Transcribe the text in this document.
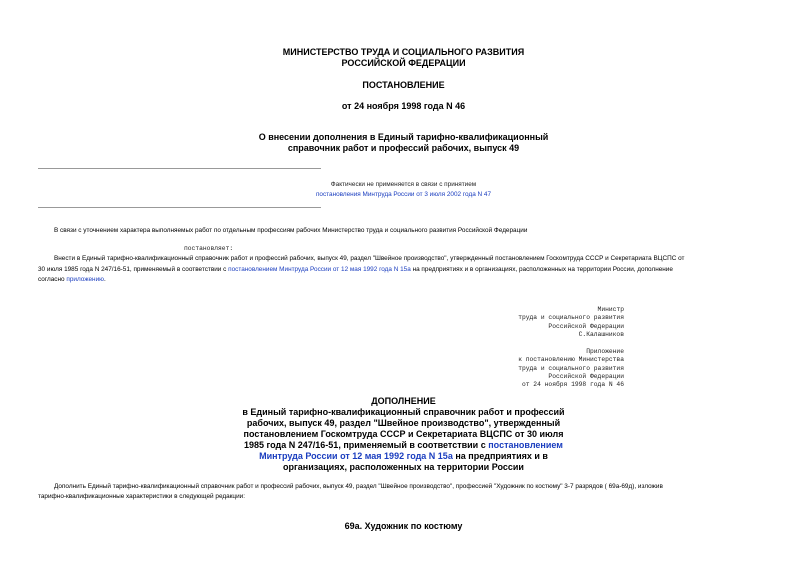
МИНИСТЕРСТВО ТРУДА И СОЦИАЛЬНОГО РАЗВИТИЯ
РОССИЙСКОЙ ФЕДЕРАЦИИ
ПОСТАНОВЛЕНИЕ
от 24 ноября 1998 года N 46
О внесении дополнения в Единый тарифно-квалификационный
справочник работ и профессий рабочих, выпуск 49
Фактически не применяется в связи с принятием
постановления Минтруда России от 3 июля 2002 года N 47
В связи с уточнением характера выполняемых работ по отдельным профессиям рабочих Министерство труда и социального развития Российской Федерации
постановляет:
Внести в Единый тарифно-квалификационный справочник работ и профессий рабочих, выпуск 49, раздел "Швейное производство", утвержденный постановлением Госкомтруда СССР и Секретариата ВЦСПС от
30 июля 1985 года N 247/16-51, применяемый в соответствии с постановлением Минтруда России от 12 мая 1992 года N 15а на предприятиях и в организациях, расположенных на территории России, дополнение
согласно приложению.
Министр
труда и социального развития
Российской Федерации
С.Калашников
Приложение
к постановлению Министерства
труда и социального развития
Российской Федерации
от 24 ноября 1998 года N 46
ДОПОЛНЕНИЕ
в Единый тарифно-квалификационный справочник работ и профессий
рабочих, выпуск 49, раздел "Швейное производство", утвержденный
постановлением Госкомтруда СССР и Секретариата ВЦСПС от 30 июля
1985 года N 247/16-51, применяемый в соответствии с постановлением
Минтруда России от 12 мая 1992 года N 15а на предприятиях и в
организациях, расположенных на территории России
Дополнить Единый тарифно-квалификационный справочник работ и профессий рабочих, выпуск 49, раздел "Швейное производство", профессией "Художник по костюму" 3-7 разрядов ( 69а-69д), изложив
тарифно-квалификационные характеристики в следующей редакции:
69а. Художник по костюму
